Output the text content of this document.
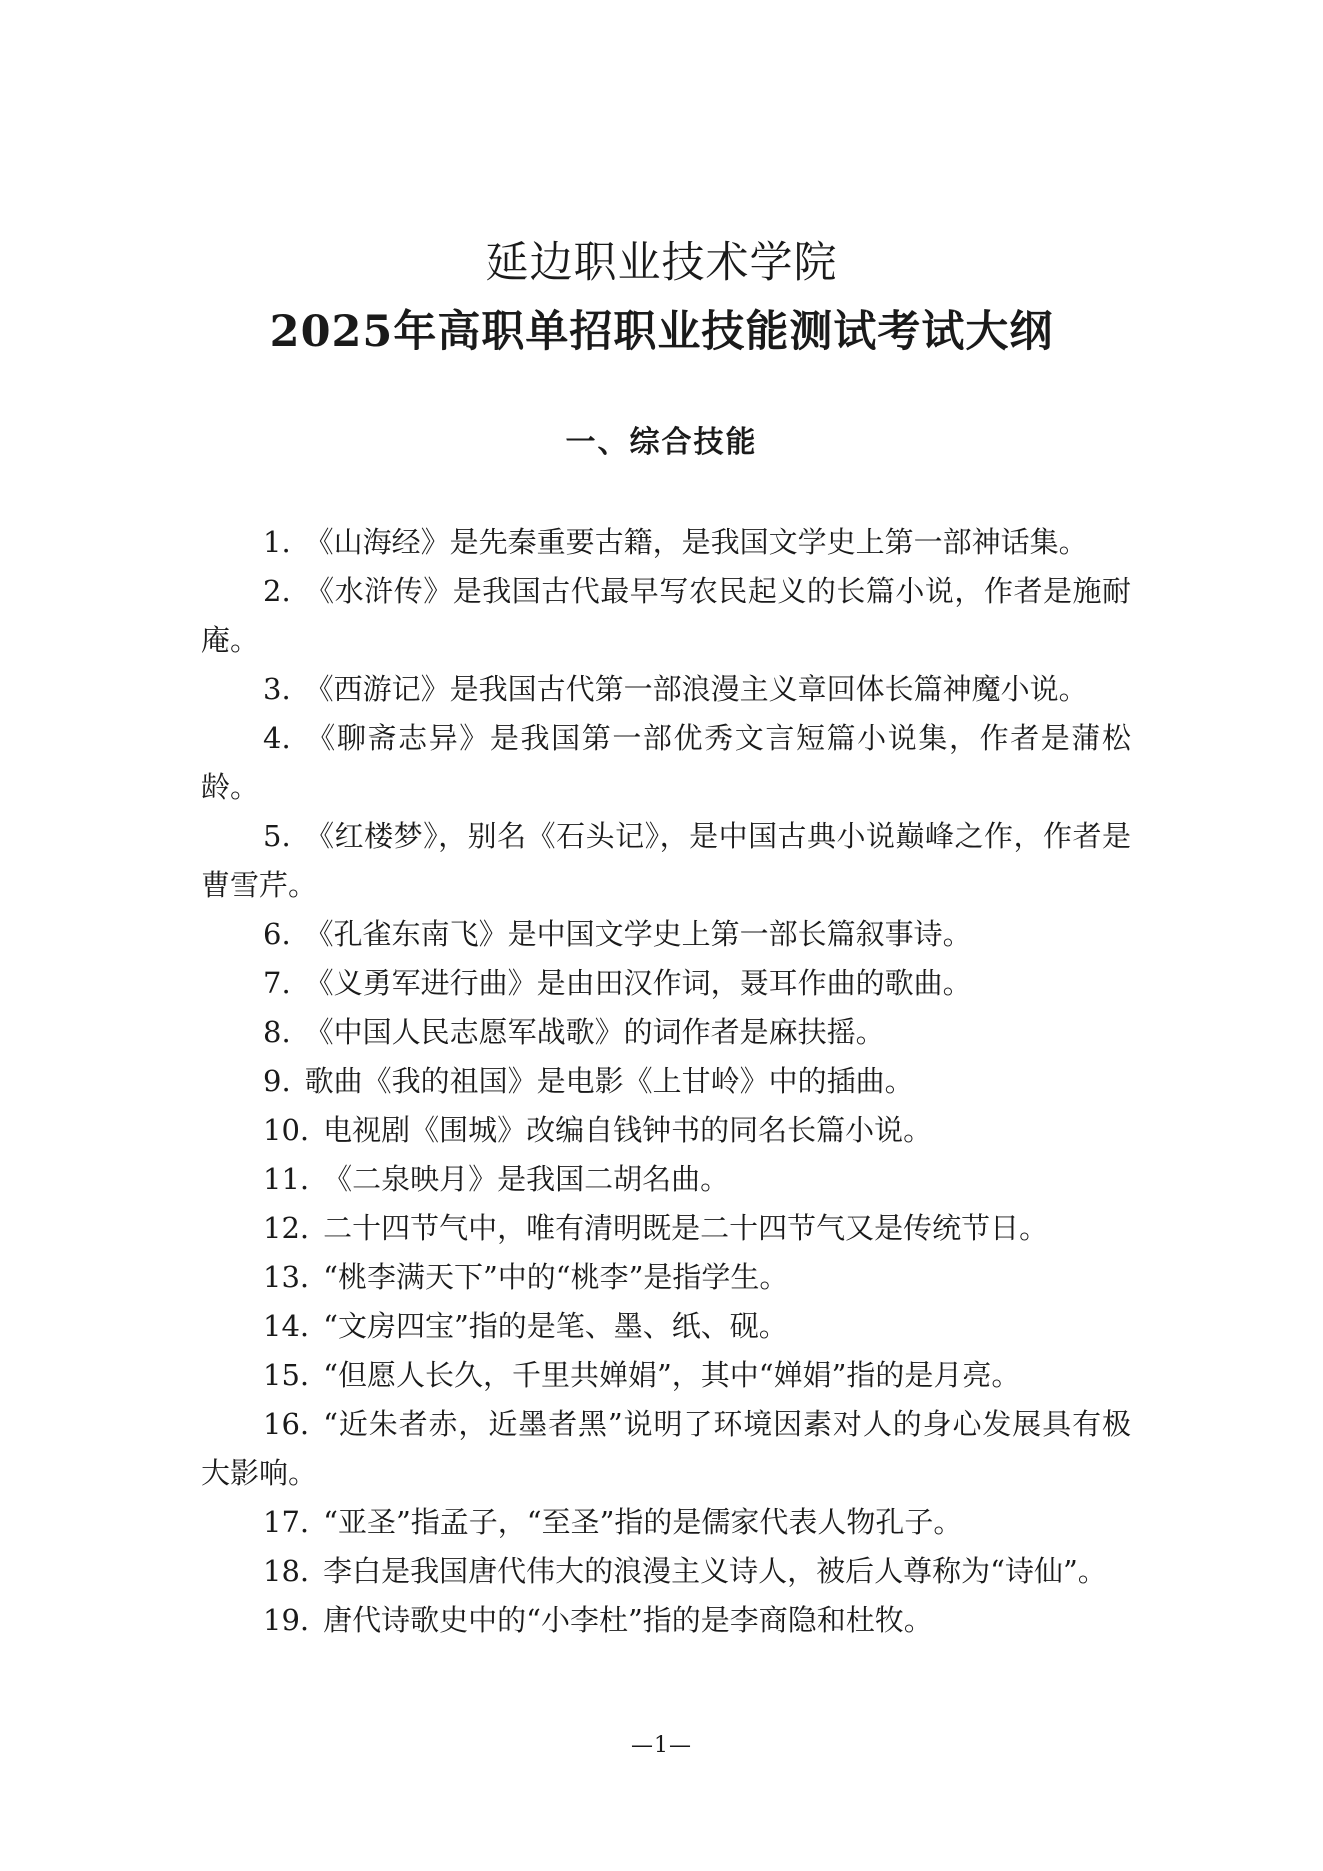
延边职业技术学院
2025年高职单招职业技能测试考试大纲
一、综合技能
1. 《山海经》是先秦重要古籍，是我国文学史上第一部神话集。
2. 《水浒传》是我国古代最早写农民起义的长篇小说，作者是施耐庵。
3. 《西游记》是我国古代第一部浪漫主义章回体长篇神魔小说。
4. 《聊斋志异》是我国第一部优秀文言短篇小说集，作者是蒲松龄。
5. 《红楼梦》，别名《石头记》，是中国古典小说巅峰之作，作者是曹雪芹。
6. 《孔雀东南飞》是中国文学史上第一部长篇叙事诗。
7. 《义勇军进行曲》是由田汉作词，聂耳作曲的歌曲。
8. 《中国人民志愿军战歌》的词作者是麻扶摇。
9. 歌曲《我的祖国》是电影《上甘岭》中的插曲。
10. 电视剧《围城》改编自钱钟书的同名长篇小说。
11. 《二泉映月》是我国二胡名曲。
12. 二十四节气中，唯有清明既是二十四节气又是传统节日。
13. “桃李满天下”中的“桃李”是指学生。
14. “文房四宝”指的是笔、墨、纸、砚。
15. “但愿人长久，千里共婵娟”，其中“婵娟”指的是月亮。
16. “近朱者赤，近墨者黑”说明了环境因素对人的身心发展具有极大影响。
17. “亚圣”指孟子，“至圣”指的是儒家代表人物孔子。
18. 李白是我国唐代伟大的浪漫主义诗人，被后人尊称为“诗仙”。
19. 唐代诗歌史中的“小李杜”指的是李商隐和杜牧。
—1—
